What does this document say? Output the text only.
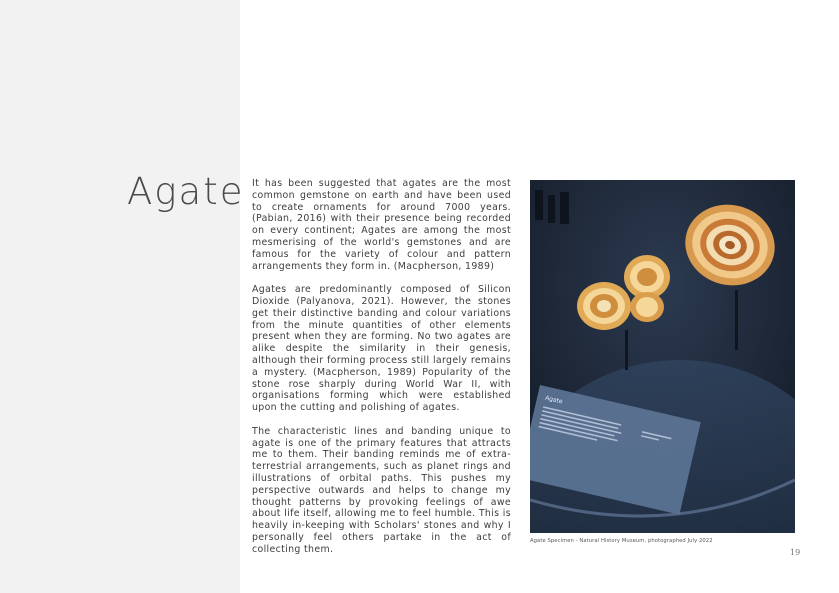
Agate It has been suggested that agates are the most common gemstone on earth and have been used to create ornaments for around 7000 years. (Pabian, 2016) with their presence being recorded on every continent; Agates are among the most mesmerising of the world's gemstones and are famous for the variety of colour and pattern arrangements they form in. (Macpherson, 1989)

Agates are predominantly composed of Silicon Dioxide (Palyanova, 2021). However, the stones get their distinctive banding and colour variations from the minute quantities of other elements present when they are forming. No two agates are alike despite the similarity in their genesis, although their forming process still largely remains a mystery. (Macpherson, 1989) Popularity of the stone rose sharply during World War II, with organisations forming which were established upon the cutting and polishing of agates.

The characteristic lines and banding unique to agate is one of the primary features that attracts me to them. Their banding reminds me of extra-terrestrial arrangements, such as planet rings and illustrations of orbital paths. This pushes my perspective outwards and helps to change my thought patterns by provoking feelings of awe about life itself, allowing me to feel humble. This is heavily in-keeping with Scholars' stones and why I personally feel others partake in the act of collecting them.

Agate
Agate Specimen - Natural History Museum, photographed July 2022
19
